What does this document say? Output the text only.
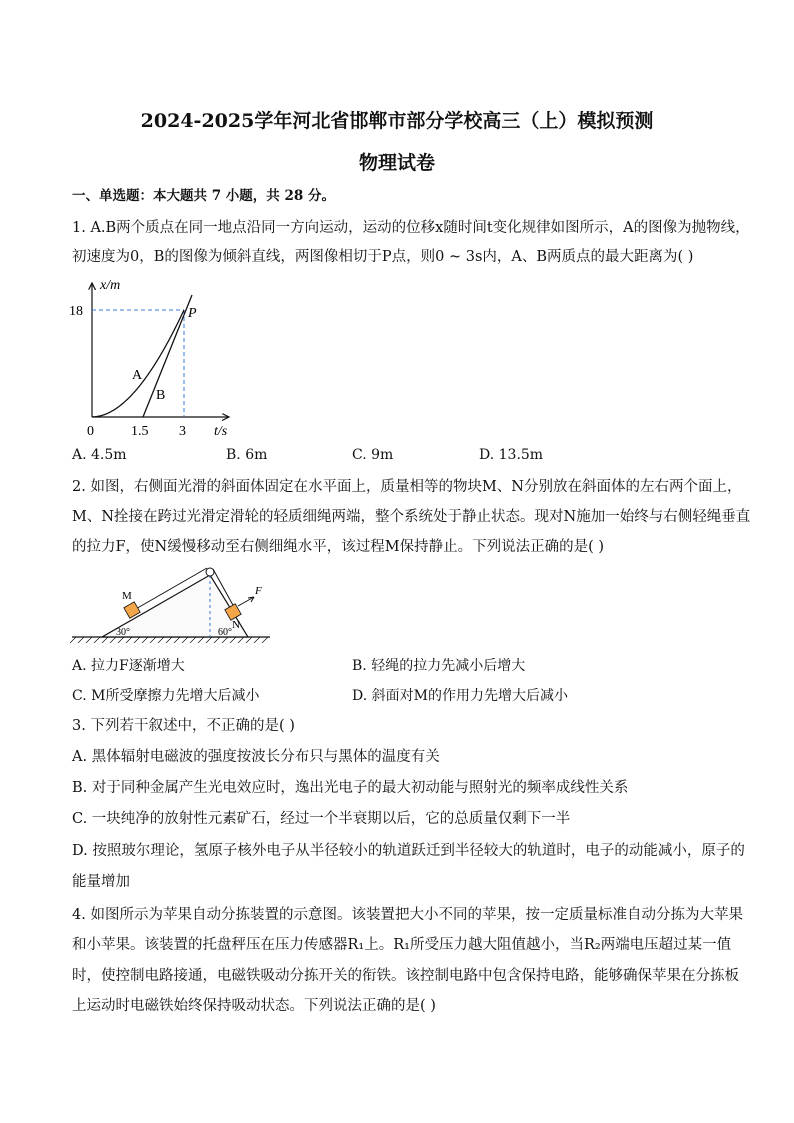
2024-2025学年河北省邯郸市部分学校高三（上）模拟预测
物理试卷
一、单选题：本大题共 7 小题，共 28 分。
1. A.B两个质点在同一地点沿同一方向运动，运动的位移x随时间t变化规律如图所示，A的图像为抛物线，
初速度为0，B的图像为倾斜直线，两图像相切于P点，则0 ~ 3s内，A、B两质点的最大距离为( )
x/m
t/s
18
0	1.5 3
A
B
P
A. 4.5m	B. 6m	C. 9m	D. 13.5m
2. 如图，右侧面光滑的斜面体固定在水平面上，质量相等的物块M、N分别放在斜面体的左右两个面上，
M、N拴接在跨过光滑定滑轮的轻质细绳两端，整个系统处于静止状态。现对N施加一始终与右侧轻绳垂直
的拉力F，使N缓慢移动至右侧细绳水平，该过程M保持静止。下列说法正确的是( )
M
N
F
30°	60°
A. 拉力F逐渐增大	B. 轻绳的拉力先减小后增大
C. M所受摩擦力先增大后减小	D. 斜面对M的作用力先增大后减小
3. 下列若干叙述中，不正确的是( )
A. 黑体辐射电磁波的强度按波长分布只与黑体的温度有关
B. 对于同种金属产生光电效应时，逸出光电子的最大初动能与照射光的频率成线性关系
C. 一块纯净的放射性元素矿石，经过一个半衰期以后，它的总质量仅剩下一半
D. 按照玻尔理论，氢原子核外电子从半径较小的轨道跃迁到半径较大的轨道时，电子的动能减小，原子的
能量增加
4. 如图所示为苹果自动分拣装置的示意图。该装置把大小不同的苹果，按一定质量标准自动分拣为大苹果
和小苹果。该装置的托盘秤压在压力传感器R₁上。R₁所受压力越大阻值越小，当R₂两端电压超过某一值
时，使控制电路接通，电磁铁吸动分拣开关的衔铁。该控制电路中包含保持电路，能够确保苹果在分拣板
上运动时电磁铁始终保持吸动状态。下列说法正确的是( )
